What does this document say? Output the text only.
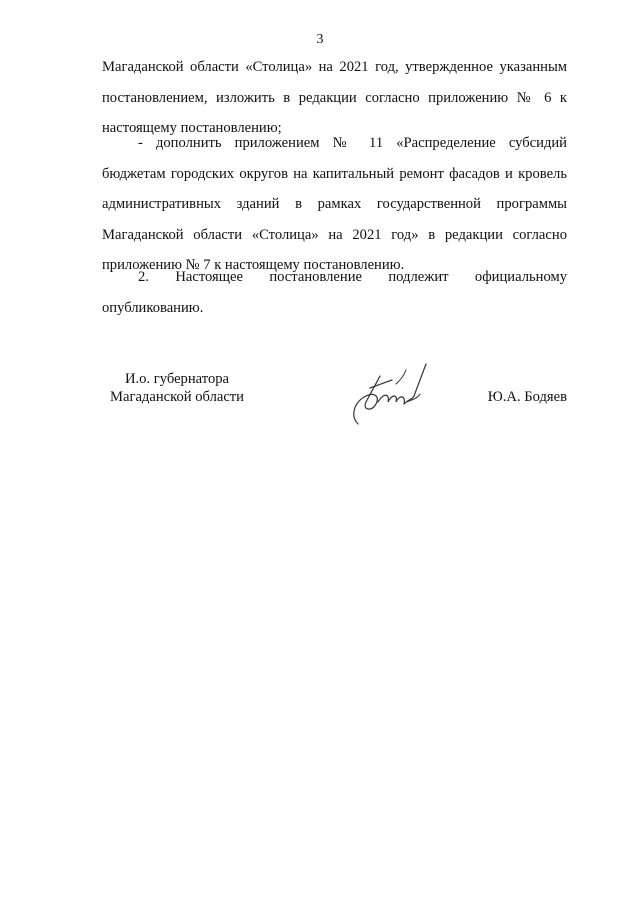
3

Магаданской области «Столица» на 2021 год, утвержденное указанным постановлением, изложить в редакции согласно приложению № 6 к настоящему постановлению;

- дополнить приложением № 11 «Распределение субсидий бюджетам городских округов на капитальный ремонт фасадов и кровель административных зданий в рамках государственной программы Магаданской области «Столица» на 2021 год» в редакции согласно приложению № 7 к настоящему постановлению.

2. Настоящее постановление подлежит официальному опубликованию.

И.о. губернатора
Магаданской области	Ю.А. Бодяев
